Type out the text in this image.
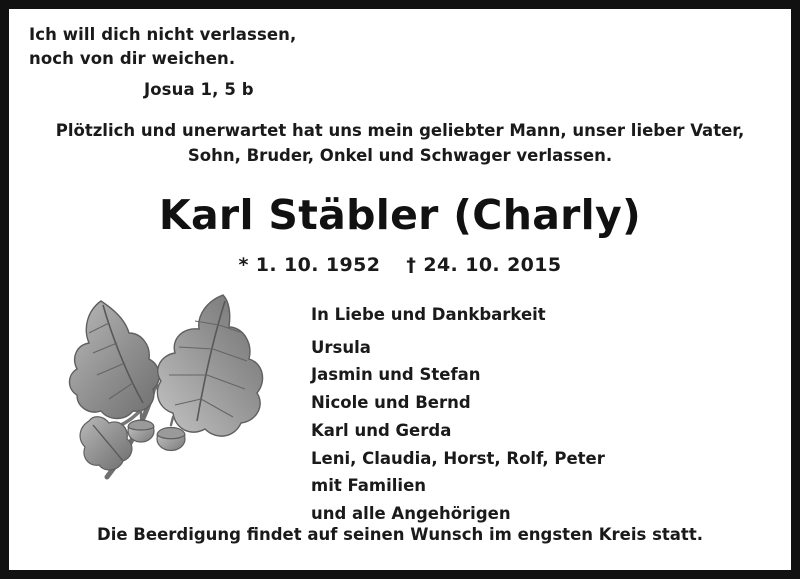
Ich will dich nicht verlassen,
noch von dir weichen.
Josua 1, 5 b
Plötzlich und unerwartet hat uns mein geliebter Mann, unser lieber Vater,
Sohn, Bruder, Onkel und Schwager verlassen.
Karl Stäbler (Charly)
* 1. 10. 1952 † 24. 10. 2015
In Liebe und Dankbarkeit
Ursula
Jasmin und Stefan
Nicole und Bernd
Karl und Gerda
Leni, Claudia, Horst, Rolf, Peter
mit Familien
und alle Angehörigen
Die Beerdigung findet auf seinen Wunsch im engsten Kreis statt.
